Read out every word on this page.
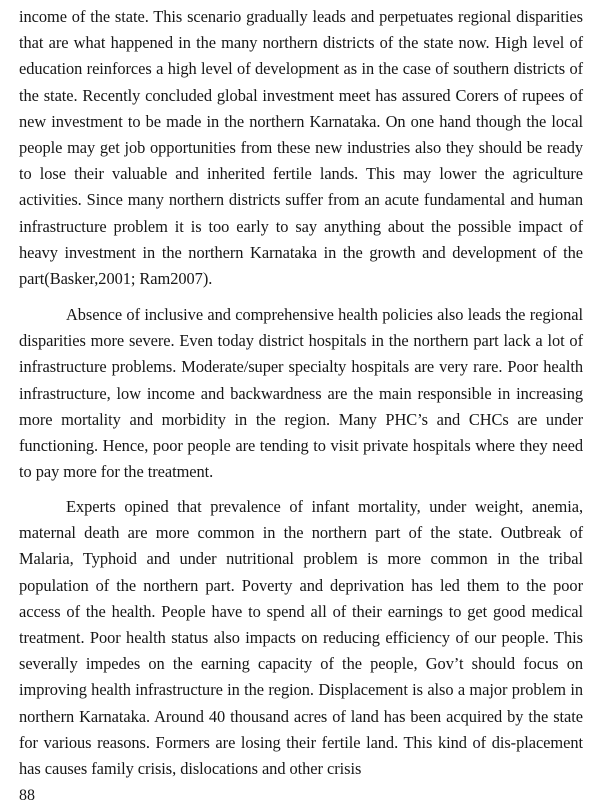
income of the state. This scenario gradually leads and perpetuates regional disparities that are what happened in the many northern districts of the state now. High level of education reinforces a high level of development as in the case of southern districts of the state. Recently concluded global investment meet has assured Corers of rupees of new investment to be made in the northern Karnataka. On one hand though the local people may get job opportunities from these new industries also they should be ready to lose their valuable and inherited fertile lands. This may lower the agriculture activities. Since many northern districts suffer from an acute fundamental and human infrastructure problem it is too early to say anything about the possible impact of heavy investment in the northern Karnataka in the growth and development of the part(Basker,2001; Ram2007).

Absence of inclusive and comprehensive health policies also leads the regional disparities more severe. Even today district hospitals in the northern part lack a lot of infrastructure problems. Moderate/super specialty hospitals are very rare. Poor health infrastructure, low income and backwardness are the main responsible in increasing more mortality and morbidity in the region. Many PHC’s and CHCs are under functioning. Hence, poor people are tending to visit private hospitals where they need to pay more for the treatment.

Experts opined that prevalence of infant mortality, under weight, anemia, maternal death are more common in the northern part of the state. Outbreak of Malaria, Typhoid and under nutritional problem is more common in the tribal population of the northern part. Poverty and deprivation has led them to the poor access of the health. People have to spend all of their earnings to get good medical treatment. Poor health status also impacts on reducing efficiency of our people. This severally impedes on the earning capacity of the people, Gov’t should focus on improving health infrastructure in the region. Displacement is also a major problem in northern Karnataka. Around 40 thousand acres of land has been acquired by the state for various reasons. Formers are losing their fertile land. This kind of dis-placement has causes family crisis, dislocations and other crisis

88
